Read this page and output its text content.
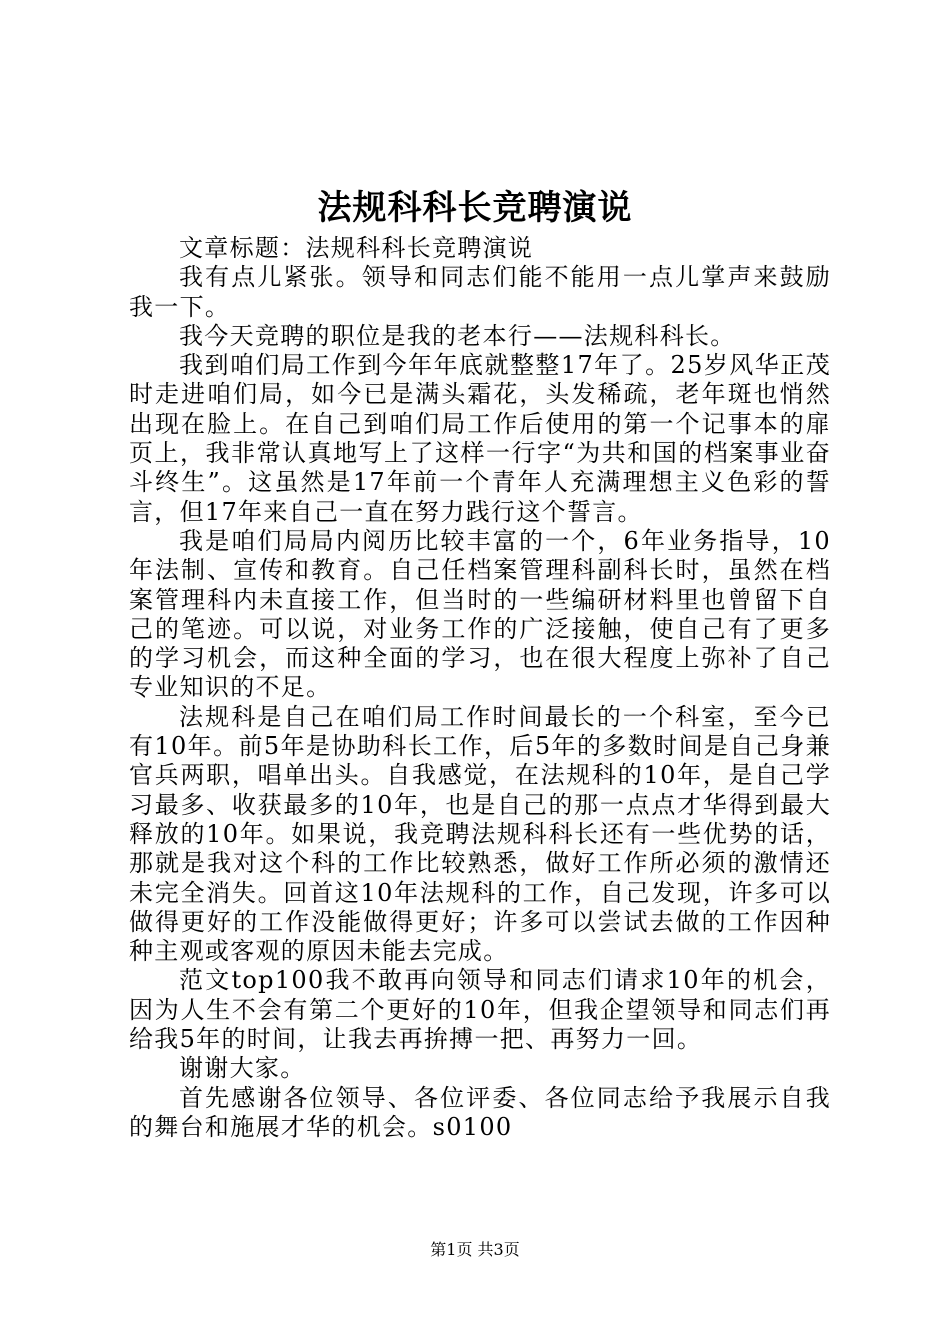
法规科科长竞聘演说

文章标题：法规科科长竞聘演说

我有点儿紧张。领导和同志们能不能用一点儿掌声来鼓励我一下。

我今天竞聘的职位是我的老本行——法规科科长。

我到咱们局工作到今年年底就整整17年了。25岁风华正茂时走进咱们局，如今已是满头霜花，头发稀疏，老年斑也悄然出现在脸上。在自己到咱们局工作后使用的第一个记事本的扉页上，我非常认真地写上了这样一行字“为共和国的档案事业奋斗终生”。这虽然是17年前一个青年人充满理想主义色彩的誓言，但17年来自己一直在努力践行这个誓言。

我是咱们局局内阅历比较丰富的一个，6年业务指导，10年法制、宣传和教育。自己任档案管理科副科长时，虽然在档案管理科内未直接工作，但当时的一些编研材料里也曾留下自己的笔迹。可以说，对业务工作的广泛接触，使自己有了更多的学习机会，而这种全面的学习，也在很大程度上弥补了自己专业知识的不足。

法规科是自己在咱们局工作时间最长的一个科室，至今已有10年。前5年是协助科长工作，后5年的多数时间是自己身兼官兵两职，唱单出头。自我感觉，在法规科的10年，是自己学习最多、收获最多的10年，也是自己的那一点点才华得到最大释放的10年。如果说，我竞聘法规科科长还有一些优势的话，那就是我对这个科的工作比较熟悉，做好工作所必须的激情还未完全消失。回首这10年法规科的工作，自己发现，许多可以做得更好的工作没能做得更好；许多可以尝试去做的工作因种种主观或客观的原因未能去完成。

范文top100我不敢再向领导和同志们请求10年的机会，因为人生不会有第二个更好的10年，但我企望领导和同志们再给我5年的时间，让我去再拚搏一把、再努力一回。

谢谢大家。

首先感谢各位领导、各位评委、各位同志给予我展示自我的舞台和施展才华的机会。s0100

第1页 共3页
